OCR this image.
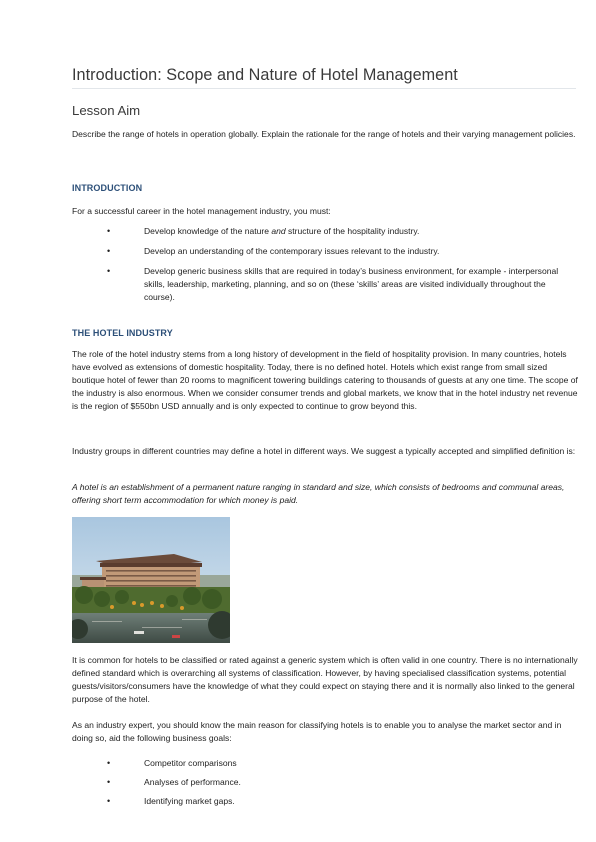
Introduction: Scope and Nature of Hotel Management
Lesson Aim
Describe the range of hotels in operation globally. Explain the rationale for the range of hotels and their varying management policies.
INTRODUCTION
For a successful career in the hotel management industry, you must:
•	Develop knowledge of the nature and structure of the hospitality industry.
•	Develop an understanding of the contemporary issues relevant to the industry.
•	Develop generic business skills that are required in today’s business environment, for example - interpersonal skills, leadership, marketing, planning, and so on (these ‘skills’ areas are visited individually throughout the course).
THE HOTEL INDUSTRY
The role of the hotel industry stems from a long history of development in the field of hospitality provision. In many countries, hotels have evolved as extensions of domestic hospitality. Today, there is no defined hotel. Hotels which exist range from small sized boutique hotel of fewer than 20 rooms to magnificent towering buildings catering to thousands of guests at any one time. The scope of the industry is also enormous. When we consider consumer trends and global markets, we know that in the hotel industry net revenue is the region of $550bn USD annually and is only expected to continue to grow beyond this.
Industry groups in different countries may define a hotel in different ways. We suggest a typically accepted and simplified definition is:
A hotel is an establishment of a permanent nature ranging in standard and size, which consists of bedrooms and communal areas, offering short term accommodation for which money is paid.
It is common for hotels to be classified or rated against a generic system which is often valid in one country. There is no internationally defined standard which is overarching all systems of classification. However, by having specialised classification systems, potential guests/visitors/consumers have the knowledge of what they could expect on staying there and it is normally also linked to the general purpose of the hotel.
As an industry expert, you should know the main reason for classifying hotels is to enable you to analyse the market sector and in doing so, aid the following business goals:
•	Competitor comparisons
•	Analyses of performance.
•	Identifying market gaps.
